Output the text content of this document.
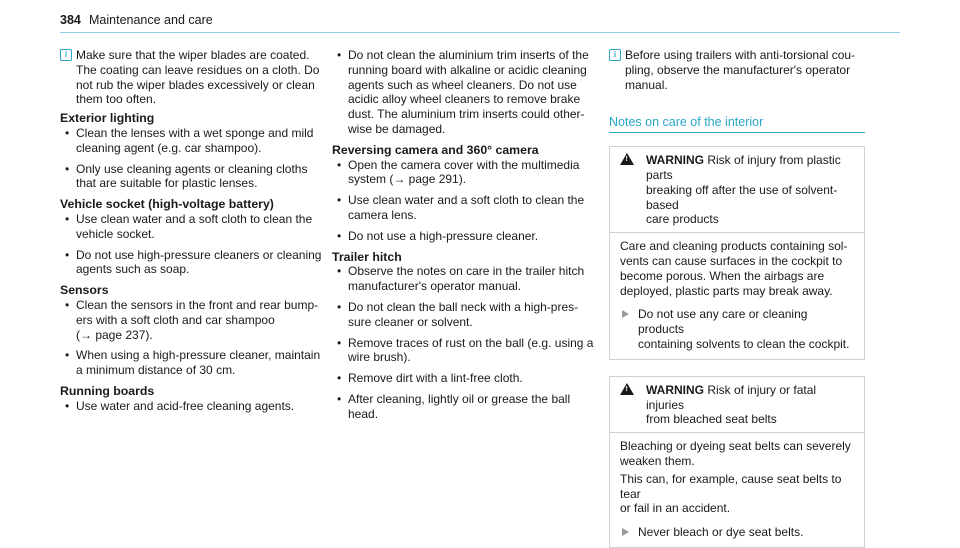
384 Maintenance and care
i Make sure that the wiper blades are coated.
The coating can leave residues on a cloth. Do
not rub the wiper blades excessively or clean
them too often.
Exterior lighting
• Clean the lenses with a wet sponge and mild
cleaning agent (e.g. car shampoo).
• Only use cleaning agents or cleaning cloths
that are suitable for plastic lenses.
Vehicle socket (high-voltage battery)
• Use clean water and a soft cloth to clean the
vehicle socket.
• Do not use high-pressure cleaners or cleaning
agents such as soap.
Sensors
• Clean the sensors in the front and rear bump-
ers with a soft cloth and car shampoo
(→ page 237).
• When using a high-pressure cleaner, maintain
a minimum distance of 30 cm.
Running boards
• Use water and acid-free cleaning agents.
• Do not clean the aluminium trim inserts of the
running board with alkaline or acidic cleaning
agents such as wheel cleaners. Do not use
acidic alloy wheel cleaners to remove brake
dust. The aluminium trim inserts could other-
wise be damaged.
Reversing camera and 360° camera
• Open the camera cover with the multimedia
system (→ page 291).
• Use clean water and a soft cloth to clean the
camera lens.
• Do not use a high-pressure cleaner.
Trailer hitch
• Observe the notes on care in the trailer hitch
manufacturer's operator manual.
• Do not clean the ball neck with a high-pres-
sure cleaner or solvent.
• Remove traces of rust on the ball (e.g. using a
wire brush).
• Remove dirt with a lint-free cloth.
• After cleaning, lightly oil or grease the ball
head.
i Before using trailers with anti-torsional cou-
pling, observe the manufacturer's operator
manual.
Notes on care of the interior
! WARNING Risk of injury from plastic parts
breaking off after the use of solvent-based
care products
Care and cleaning products containing sol-
vents can cause surfaces in the cockpit to
become porous. When the airbags are
deployed, plastic parts may break away.
Do not use any care or cleaning products
containing solvents to clean the cockpit.
! WARNING Risk of injury or fatal injuries
from bleached seat belts
Bleaching or dyeing seat belts can severely
weaken them.
This can, for example, cause seat belts to tear
or fail in an accident.
Never bleach or dye seat belts.
